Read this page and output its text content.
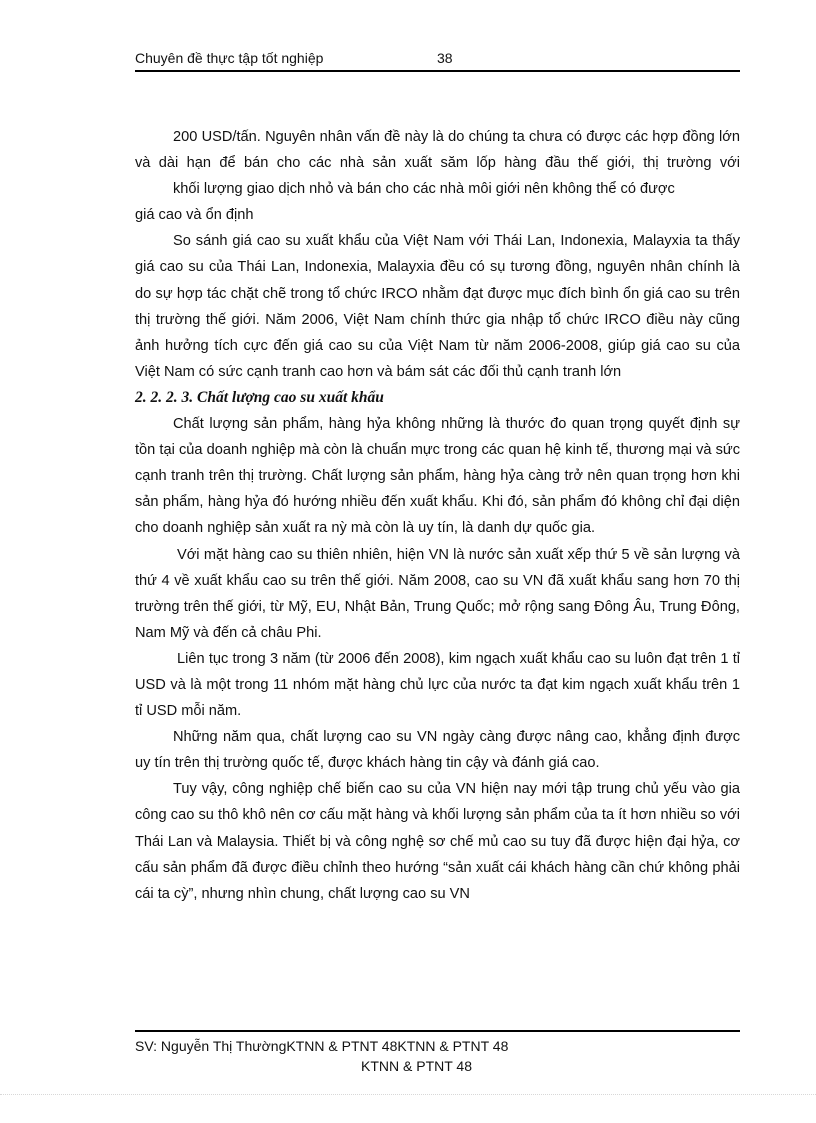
Chuyên đề thực tập tốt nghiệp	38

200 USD/tấn. Nguyên nhân vấn đề này là do chúng ta chưa có được các hợp đồng lớn và dài hạn để bán cho các nhà sản xuất săm lốp hàng đầu thế giới, thị trường với

khối lượng giao dịch nhỏ và bán cho các nhà môi giới nên không thể có được

giá cao và ổn định

So sánh giá cao su xuất khẩu của Việt Nam với Thái Lan, Indonexia, Malayxia ta thấy giá cao su của Thái Lan, Indonexia, Malayxia đều có sụ tương đồng, nguyên nhân chính là do sự hợp tác chặt chẽ trong tổ chức IRCO nhằm đạt được mục đích bình ổn giá cao su trên thị trường thế giới. Năm 2006, Việt Nam chính thức gia nhập tổ chức IRCO điều này cũng ảnh hưởng tích cực đến giá cao su của Việt Nam từ năm 2006-2008, giúp giá cao su của Việt Nam có sức cạnh tranh cao hơn và bám sát các đối thủ cạnh tranh lớn

2. 2. 2. 3. Chất lượng cao su xuất khẩu

Chất lượng sản phẩm, hàng hỷa không những là thước đo quan trọng quyết định sự tồn tại của doanh nghiệp mà còn là chuẩn mực trong các quan hệ kinh tế, thương mại và sức cạnh tranh trên thị trường. Chất lượng sản phẩm, hàng hỷa càng trở nên quan trọng hơn khi sản phẩm, hàng hỷa đó hướng nhiều đến xuất khẩu. Khi đó, sản phẩm đó không chỉ đại diện cho doanh nghiệp sản xuất ra nỳ mà còn là uy tín, là danh dự quốc gia.

Với mặt hàng cao su thiên nhiên, hiện VN là nước sản xuất xếp thứ 5 về sản lượng và thứ 4 về xuất khẩu cao su trên thế giới. Năm 2008, cao su VN đã xuất khẩu sang hơn 70 thị trường trên thế giới, từ Mỹ, EU, Nhật Bản, Trung Quốc; mở rộng sang Đông Âu, Trung Đông, Nam Mỹ và đến cả châu Phi.

Liên tục trong 3 năm (từ 2006 đến 2008), kim ngạch xuất khẩu cao su luôn đạt trên 1 tỉ USD và là một trong 11 nhóm mặt hàng chủ lực của nước ta đạt kim ngạch xuất khẩu trên 1 tỉ USD mỗi năm.

Những năm qua, chất lượng cao su VN ngày càng được nâng cao, khẳng định được uy tín trên thị trường quốc tế, được khách hàng tin cậy và đánh giá cao.

Tuy vậy, công nghiệp chế biến cao su của VN hiện nay mới tập trung chủ yếu vào gia công cao su thô khô nên cơ cấu mặt hàng và khối lượng sản phẩm của ta ít hơn nhiều so với Thái Lan và Malaysia. Thiết bị và công nghệ sơ chế mủ cao su tuy đã được hiện đại hỷa, cơ cấu sản phẩm đã được điều chỉnh theo hướng “sản xuất cái khách hàng cần chứ không phải cái ta cỳ”, nhưng nhìn chung, chất lượng cao su VN

SV: Nguyễn Thị ThườngKTNN & PTNT 48KTNN & PTNT 48
KTNN & PTNT 48
